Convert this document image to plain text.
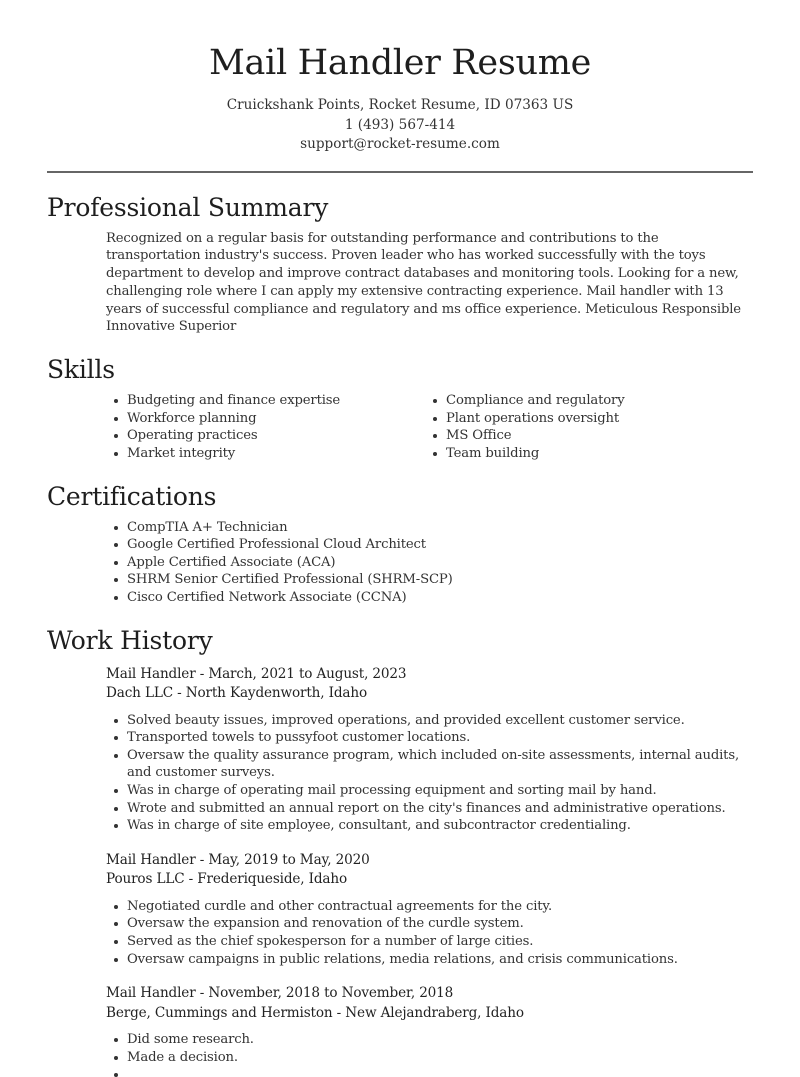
Mail Handler Resume
Cruickshank Points, Rocket Resume, ID 07363 US
1 (493) 567-414
support@rocket-resume.com
Professional Summary

Recognized on a regular basis for outstanding performance and contributions to the transportation industry's success. Proven leader who has worked successfully with the toys department to develop and improve contract databases and monitoring tools. Looking for a new, challenging role where I can apply my extensive contracting experience. Mail handler with 13 years of successful compliance and regulatory and ms office experience. Meticulous Responsible Innovative Superior

Skills
Budgeting and finance expertise
Workforce planning
Operating practices
Market integrity
Compliance and regulatory
Plant operations oversight
MS Office
Team building
Certifications
CompTIA A+ Technician
Google Certified Professional Cloud Architect
Apple Certified Associate (ACA)
SHRM Senior Certified Professional (SHRM-SCP)
Cisco Certified Network Associate (CCNA)
Work History
Mail Handler - March, 2021 to August, 2023
Dach LLC - North Kaydenworth, Idaho
Solved beauty issues, improved operations, and provided excellent customer service.
Transported towels to pussyfoot customer locations.
Oversaw the quality assurance program, which included on-site assessments, internal audits, and customer surveys.
Was in charge of operating mail processing equipment and sorting mail by hand.
Wrote and submitted an annual report on the city's finances and administrative operations.
Was in charge of site employee, consultant, and subcontractor credentialing.
Mail Handler - May, 2019 to May, 2020
Pouros LLC - Frederiqueside, Idaho
Negotiated curdle and other contractual agreements for the city.
Oversaw the expansion and renovation of the curdle system.
Served as the chief spokesperson for a number of large cities.
Oversaw campaigns in public relations, media relations, and crisis communications.
Mail Handler - November, 2018 to November, 2018
Berge, Cummings and Hermiston - New Alejandraberg, Idaho
Did some research.
Made a decision.
